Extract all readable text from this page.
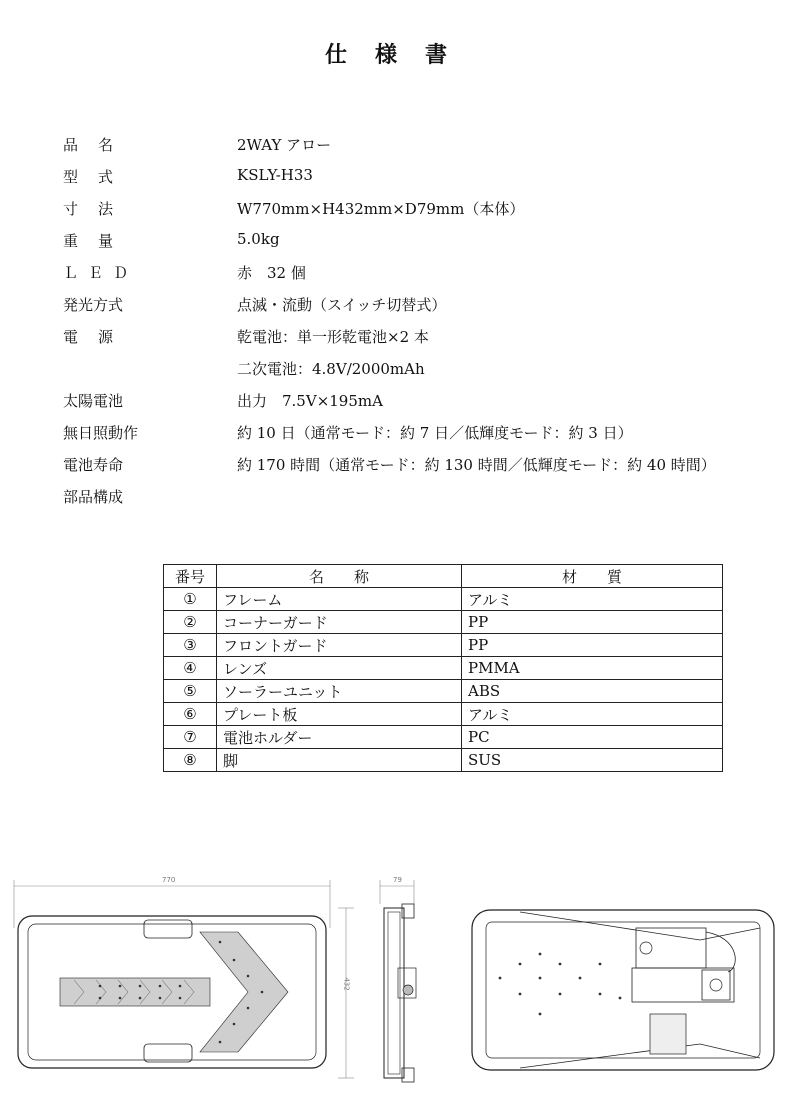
仕様書
品名	2WAY アロー
型式	KSLY-H33
寸法	W770mm×H432mm×D79mm（本体）
重量	5.0kg
ＬＥＤ	赤　32 個
発光方式	点滅・流動（スイッチ切替式）
電源	乾電池：単一形乾電池×2 本
二次電池：4.8V/2000mAh
太陽電池	出力　7.5V×195mA
無日照動作	約 10 日（通常モード：約 7 日／低輝度モード：約 3 日）
電池寿命	約 170 時間（通常モード：約 130 時間／低輝度モード：約 40 時間）
部品構成
番号	名　　称	材　　質
①	フレーム	アルミ
②	コーナーガード	PP
③	フロントガード	PP
④	レンズ	PMMA
⑤	ソーラーユニット	ABS
⑥	プレート板	アルミ
⑦	電池ホルダー	PC
⑧	脚	SUS
770	79
432
